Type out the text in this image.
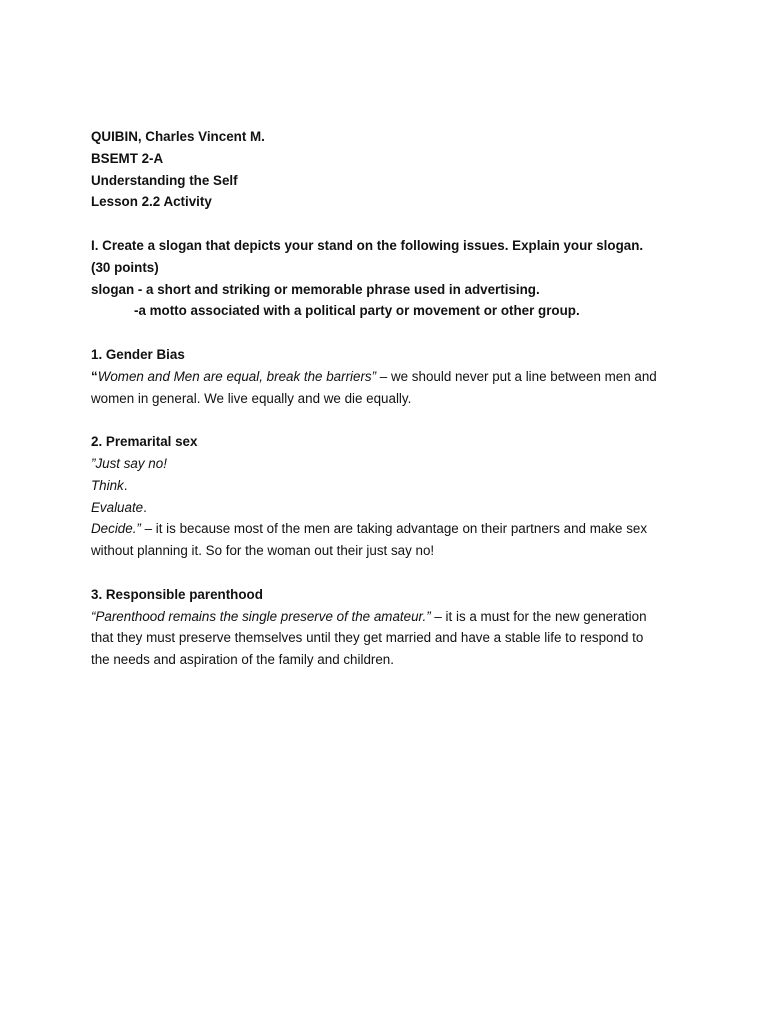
QUIBIN, Charles Vincent M.
BSEMT 2-A
Understanding the Self
Lesson 2.2 Activity
I. Create a slogan that depicts your stand on the following issues. Explain your slogan.
(30 points)
slogan - a short and striking or memorable phrase used in advertising.
-a motto associated with a political party or movement or other group.
1. Gender Bias
“Women and Men are equal, break the barriers” – we should never put a line between men and
women in general. We live equally and we die equally.
2. Premarital sex
”Just say no!
Think.
Evaluate.
Decide.” – it is because most of the men are taking advantage on their partners and make sex
without planning it. So for the woman out their just say no!
3. Responsible parenthood
“Parenthood remains the single preserve of the amateur.” – it is a must for the new generation
that they must preserve themselves until they get married and have a stable life to respond to
the needs and aspiration of the family and children.
